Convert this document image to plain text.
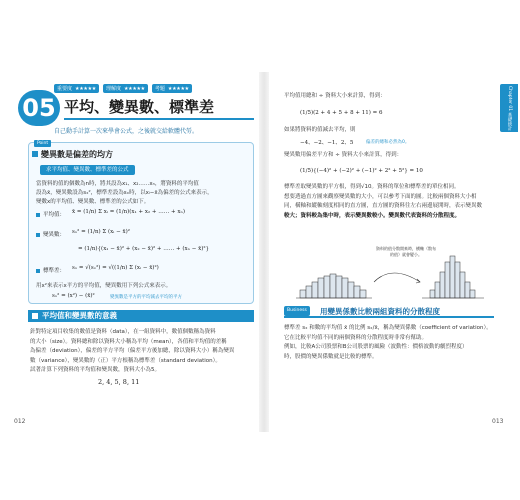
重要度 ★★★★★ 理解度 ★★★★★ 考題 ★★★★★
05 平均、變異數、標準差
自己動手計算一次來學會公式，之後就交給軟體代勞。
Point
變異數是偏差的均方
求平均值、變異數、標準差的公式
當資料的值的個數為n時，將其設為x₁、x₂……xₙ，將資料的平均值
設為x̄，變異數設為sₓ²，標準差設為sₓ時，以xᵢ−x̄為偏差的公式來表示，
變數x的平均值、變異數、標準差的公式如下。
平均值： x̄ = (1/n) Σ xᵢ = (1/n)(x₁ + x₂ + …… + xₙ)
變異數： sₓ² = (1/n) Σ (xᵢ − x̄)²
= (1/n){(x₁ − x̄)² + (x₂ − x̄)² + …… + (xₙ − x̄)²}
標準差： sₓ = √(sₓ²) = √((1/n) Σ (xᵢ − x̄)²)
用x²來表示x平方的平均值，變異數用下列公式來表示。
sₓ² = (x²) − (x̄)²	變異數是平方的平均減去平均的平方
平均值和變異數的意義
針對特定項目收集的數值是資料（data），在一組資料中，數值個數稱為資料
的大小（size）。資料總和除以資料大小稱為平均（mean），各值和平均值的差稱
為偏差（deviation），偏差的平方平均（偏差平方後加總，除以資料大小）稱為變異
數（variance），變異數的（正）平方根稱為標準差（standard deviation）。
試著計算下列資料的平均值和變異數，資料大小為5。
2, 4, 5, 8, 11
012
Chapter 01 基礎統計
平均值用總和 ÷ 資料大小來計算，得到：
(1/5)(2 + 4 + 5 + 8 + 11) = 6
如果將資料的值減去平均，則
−4、−2、−1、2、5	偏差的總和必然為0。
變異數用偏差平方和 ÷ 資料大小來計算，得到：
(1/5){(−4)² + (−2)² + (−1)² + 2² + 5²} = 10
標準差取變異數的平方根，得到√10。資料的單位和標準差的單位相同。
想要透過直方圖來觀察變異數的大小，可以參考下面的圖。比較兩個資料大小相
同，橫軸和縱軸刻度相同的直方圖，直方圖的資料往左右兩邊展開時，表示變異數
較大；資料較為集中時，表示變異數較小。變異數代表資料的分散程度。
資料的值分散開來時，橫軸（散布的值）就會變小。
Business	用變異係數比較兩組資料的分散程度
標準差 sₓ 和數的平均值 x̄ 的比例 sₓ/x̄，稱為變異係數（coefficient of variation）。
它在比較平均值不同的兩個資料的分散程度時非常有幫助。
例如，比較A公司股票和B公司股票的風險（波動性：價格波動的劇烈程度）
時，股價的變異係數就是比較的標準。
013
